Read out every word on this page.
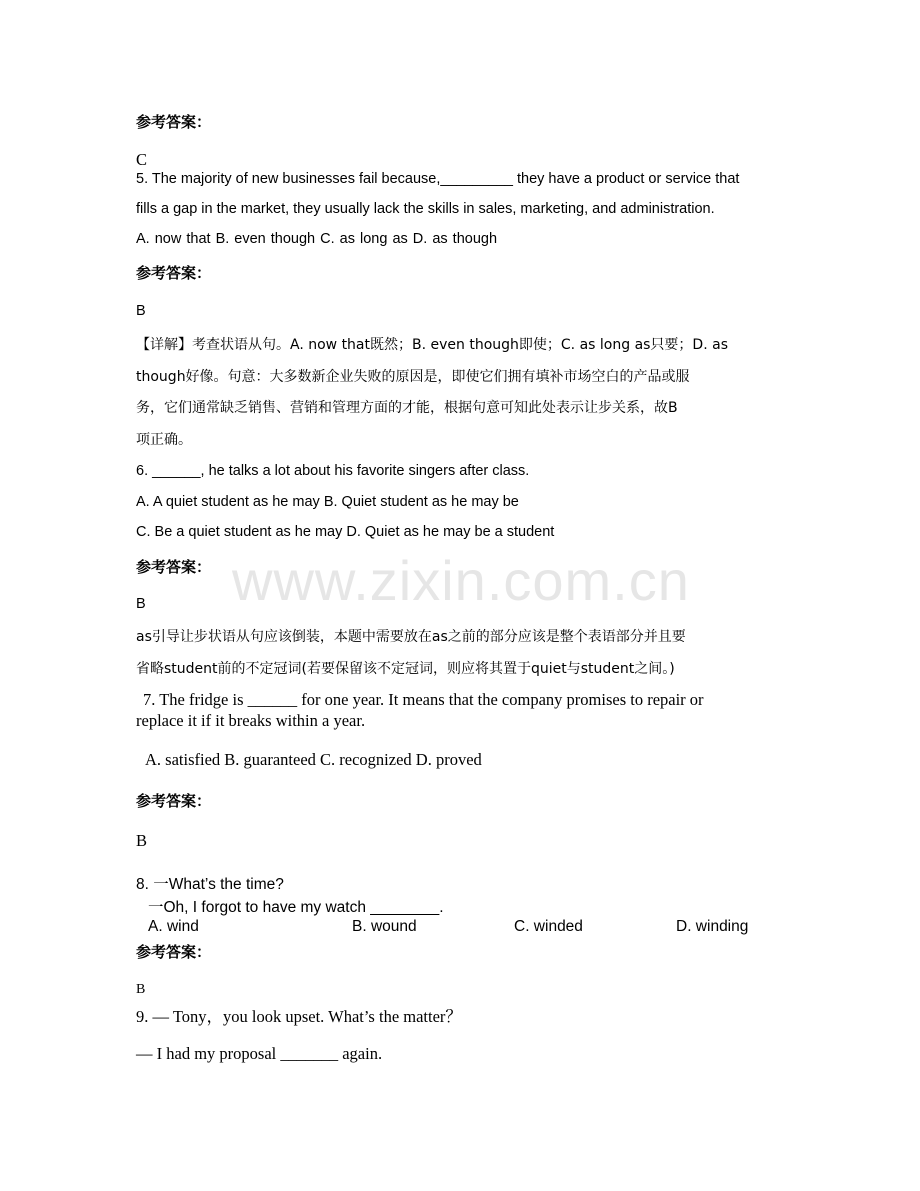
www.zixin.com.cn
参考答案：
C
5. The majority of new businesses fail because,_________ they have a product or service that
fills a gap in the market, they usually lack the skills in sales, marketing, and administration.
A. now that B. even though C. as long as D. as though
参考答案：
B
【详解】考查状语从句。A. now that既然；B. even though即使；C. as long as只要；D. as
though好像。句意：大多数新企业失败的原因是，即使它们拥有填补市场空白的产品或服
务，它们通常缺乏销售、营销和管理方面的才能，根据句意可知此处表示让步关系，故B
项正确。
6. ______, he talks a lot about his favorite singers after class.
A. A quiet student as he may B. Quiet student as he may be
C. Be a quiet student as he may D. Quiet as he may be a student
参考答案：
B
as引导让步状语从句应该倒装，本题中需要放在as之前的部分应该是整个表语部分并且要
省略student前的不定冠词(若要保留该不定冠词，则应将其置于quiet与student之间。)
7. The fridge is ______ for one year. It means that the company promises to repair or
replace it if it breaks within a year.
A. satisfied B. guaranteed C. recognized D. proved
参考答案：
B
8. 一What’s the time?
一Oh, I forgot to have my watch ________.
A. wind	B. wound	C. winded	D. winding
参考答案：
B
9. — Tony，you look upset. What’s the matter？
— I had my proposal _______ again.
